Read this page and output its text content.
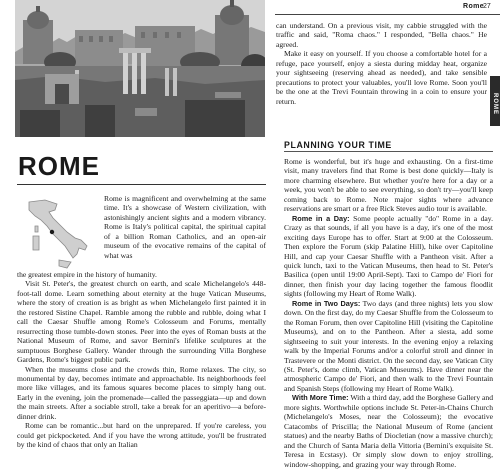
Rome
27
ROME
ROME

Rome is magnificent and overwhelming at the same time. It's a showcase of Western civilization, with astonishingly ancient sights and a modern vibrancy. Rome is Italy's political capital, the spiritual capital of a billion Roman Catholics, and an open-air museum of the evocative remains of the capital of what was

the greatest empire in the history of humanity.

Visit St. Peter's, the greatest church on earth, and scale Michelangelo's 448-foot-tall dome. Learn something about eternity at the huge Vatican Museums, where the story of creation is as bright as when Michelangelo first painted it in the restored Sistine Chapel. Ramble among the rubble and rubble, doing what I call the Caesar Shuffle among Rome's Colosseum and Forums, mentally resurrecting those tumble-down stones. Peer into the eyes of Roman busts at the National Museum of Rome, and savor Bernini's lifelike sculptures at the sumptuous Borghese Gallery. Wander through the surrounding Villa Borghese Gardens, Rome's biggest public park.

When the museums close and the crowds thin, Rome relaxes. The city, so monumental by day, becomes intimate and approachable. Its neighborhoods feel more like villages, and its famous squares become places to simply hang out. Early in the evening, join the promenade—called the passeggiata—up and down the main streets. After a sociable stroll, take a break for an aperitivo—a before-dinner drink.

Rome can be romantic...but hard on the unprepared. If you're careless, you could get pickpocketed. And if you have the wrong attitude, you'll be frustrated by the kind of chaos that only an Italian

can understand. On a previous visit, my cabbie struggled with the traffic and said, "Roma chaos." I responded, "Bella chaos." He agreed.

Make it easy on yourself. If you choose a comfortable hotel for a refuge, pace yourself, enjoy a siesta during midday heat, organize your sightseeing (reserving ahead as needed), and take sensible precautions to protect your valuables, you'll love Rome. Soon you'll be the one at the Trevi Fountain throwing in a coin to ensure your return.

PLANNING YOUR TIME

Rome is wonderful, but it's huge and exhausting. On a first-time visit, many travelers find that Rome is best done quickly—Italy is more charming elsewhere. But whether you're here for a day or a week, you won't be able to see everything, so don't try—you'll keep coming back to Rome. Note major sights where advance reservations are smart or a free Rick Steves audio tour is available.

Rome in a Day: Some people actually "do" Rome in a day. Crazy as that sounds, if all you have is a day, it's one of the most exciting days Europe has to offer. Start at 9:00 at the Colosseum. Then explore the Forum (skip Palatine Hill), hike over Capitoline Hill, and cap your Caesar Shuffle with a Pantheon visit. After a quick lunch, taxi to the Vatican Museums, then head to St. Peter's Basilica (open until 19:00 April-Sept). Taxi to Campo de' Fiori for dinner, then finish your day lacing together the famous floodlit sights (following my Heart of Rome Walk).

Rome in Two Days: Two days (and three nights) lets you slow down. On the first day, do my Caesar Shuffle from the Colosseum to the Roman Forum, then over Capitoline Hill (visiting the Capitoline Museums), and on to the Pantheon. After a siesta, add some sightseeing to suit your interests. In the evening enjoy a relaxing walk by the Imperial Forums and/or a colorful stroll and dinner in Trastevere or the Monti district. On the second day, see Vatican City (St. Peter's, dome climb, Vatican Museums). Have dinner near the atmospheric Campo de' Fiori, and then walk to the Trevi Fountain and Spanish Steps (following my Heart of Rome Walk).

With More Time: With a third day, add the Borghese Gallery and more sights. Worthwhile options include St. Peter-in-Chains Church (Michelangelo's Moses, near the Colosseum); the evocative Catacombs of Priscilla; the National Museum of Rome (ancient statues) and the nearby Baths of Diocletian (now a massive church); and the Church of Santa Maria della Vittoria (Bernini's exquisite St. Teresa in Ecstasy). Or simply slow down to enjoy strolling, window-shopping, and grazing your way through Rome.
